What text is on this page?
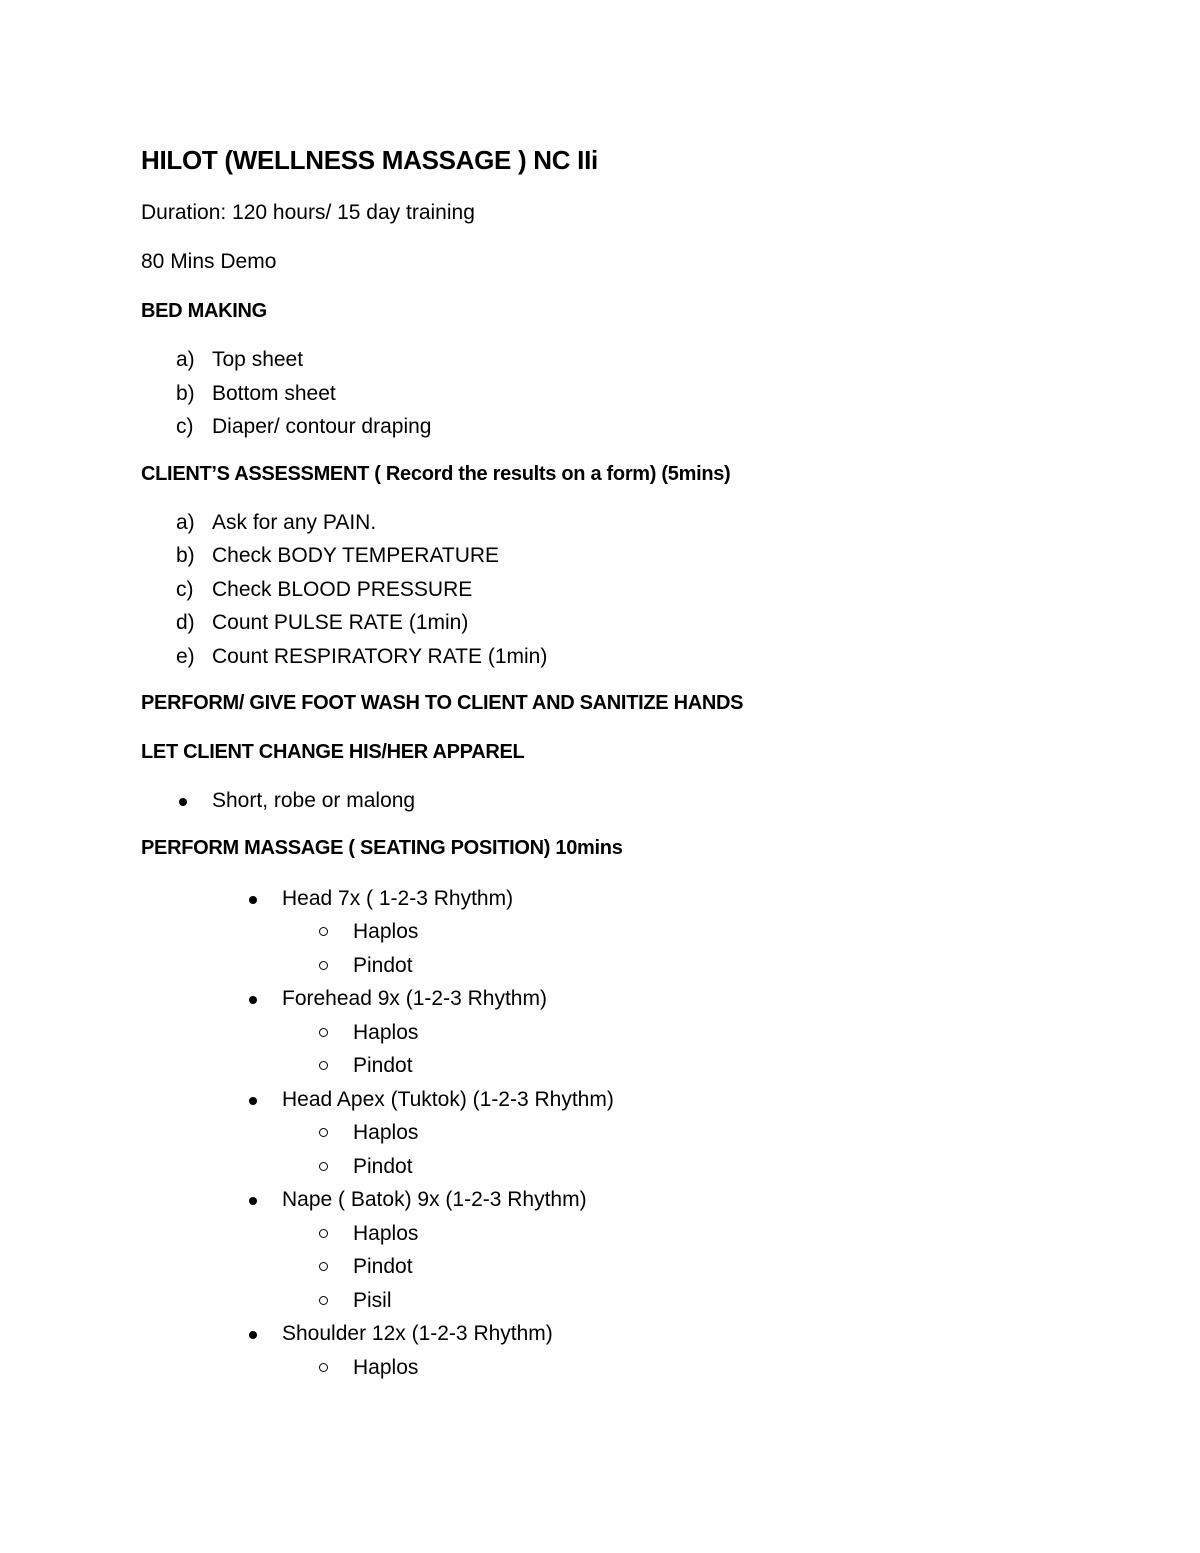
HILOT (WELLNESS MASSAGE ) NC IIi
Duration: 120 hours/ 15 day training
80 Mins Demo
BED MAKING
a) Top sheet
b) Bottom sheet
c) Diaper/ contour draping
CLIENT’S ASSESSMENT ( Record the results on a form) (5mins)
a) Ask for any PAIN.
b) Check BODY TEMPERATURE
c) Check BLOOD PRESSURE
d) Count PULSE RATE (1min)
e) Count RESPIRATORY RATE (1min)
PERFORM/ GIVE FOOT WASH TO CLIENT AND SANITIZE HANDS
LET CLIENT CHANGE HIS/HER APPAREL
Short, robe or malong
PERFORM MASSAGE ( SEATING POSITION) 10mins
Head 7x ( 1-2-3 Rhythm)
Haplos
Pindot
Forehead 9x (1-2-3 Rhythm)
Haplos
Pindot
Head Apex (Tuktok) (1-2-3 Rhythm)
Haplos
Pindot
Nape ( Batok) 9x (1-2-3 Rhythm)
Haplos
Pindot
Pisil
Shoulder 12x (1-2-3 Rhythm)
Haplos
